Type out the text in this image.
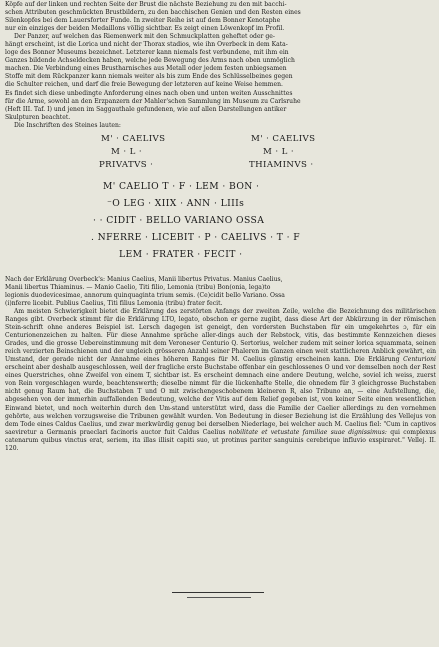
Köpfe auf der linken und rechten Seite der Brust die nächste Beziehung zu den mit bacchi-

schen Attributen geschmückten Brustbildern, zu den bacchischen Genien und den Resten eines

Silenkopfes bei dem Lauersforter Funde. In zweiter Reihe ist auf dem Bonner Kenotaphe

nur ein einziges der beiden Medaillons völlig sichtbar. Es zeigt einen Löwenkopf im Profil.

Der Panzer, auf welchen das Riemenwerk mit den Schmuckplatten geheftet oder ge-

hängt erscheint, ist die Lorica und nicht der Thorax stadios, wie ihn Overbeck in dem Kata-

loge des Bonner Museums bezeichnet. Letzterer kann niemals fest verbundene, mit ihm ein

Ganzes bildende Achseldecken haben, welche jede Bewegung des Arms nach oben unmöglich

machen. Die Verbindung eines Brustharnisches aus Metall oder jedem festen unbiegsamen

Stoffe mit dem Rückpanzer kann niemals weiter als bis zum Ende des Schlüsselbeines gegen

die Schulter reichen, und darf die freie Bewegung der letzteren auf keine Weise hemmen.

Es findet sich diese unbedingte Anforderung eines nach oben und unten weiten Ausschnittes

für die Arme, sowohl an den Erzpanzern der Mahler'schen Sammlung im Museum zu Carlsruhe

(Heft III. Taf. I) und jenen im Saggauthale gefundenen, wie auf allen Darstellungen antiker

Skulpturen beachtet.

Die Inschriften des Steines lauten:

M' · CAELIVS
M · L ·
PRIVATVS ·
M' · CAELIVS
M · L ·
THIAMINVS ·
M' CAELIO T · F · LEM · BON ·
⁻O LEG · XIIX · ANN · LIIIs
· · CIDIT · BELLO VARIANO OSSA
. NFERRE · LICEBIT · P · CAELIVS · T · F
LEM · FRATER · FECIT ·

Nach der Erklärung Overbeck's: Manius Caelius, Manii libertus Privatus. Manius Caelius,

Manii libertus Thiaminus. — Manio Caelio, Titi filio, Lemonia (tribu) Bon(onia, lega)to

legionis duodevicesimae, annorum quinquaginta trium semis. (Ce)cidit bello Variano. Ossa

(i)nferre licebit. Publius Caelius, Titi filius Lemonia (tribu) frater fecit.

Am meisten Schwierigkeit bietet die Erklärung des zerstörten Anfangs der zweiten Zeile, welche die Bezeichnung des militärischen Ranges gibt. Overbeck stimmt für die Erklärung LTO, legato, obschon er gerne zugibt, dass diese Art der Abkürzung in der römischen Stein-schrift ohne anderes Beispiel ist. Lersch dagegen ist geneigt, den vordersten Buchstaben für ein umgekehrtes ɔ, für ein Centurionenzeichen zu halten. Für diese Annahme spräche aller-dings auch der Rebstock, vitis, das bestimmte Kennzeichen dieses Grades, und die grosse Uebereinstimmung mit dem Veroneser Centurio Q. Sertorius, welcher zudem mit seiner lorica squammata, seinen reich verzierten Beinschienen und der ungleich grösseren Anzahl seiner Phaleren im Ganzen einen weit stattlicheren Anblick gewährt, ein Umstand, der gerade nicht der Annahme eines höheren Ranges für M. Caelius günstig erscheinen kann. Die Erklärung Centurioni erscheint aber deshalb ausgeschlossen, weil der fragliche erste Buchstabe offenbar ein geschlossenes O und vor demselben noch der Rest eines Querstriches, ohne Zweifel von einem T, sichtbar ist. Es erscheint demnach eine andere Deutung, welche, soviel ich weiss, zuerst von Rein vorgeschlagen wurde, beachtenswerth; dieselbe nimmt für die lückenhafte Stelle, die ohnedem für 3 gleichgrosse Buchstaben nicht genug Raum hat, die Buchstaben T und O mit zwischengeschobenem kleineren R, also Tribuno an, — eine Aufstellung, die, abgesehen von der immerhin auffallenden Bedeutung, welche der Vitis auf dem Relief gegeben ist, von keiner Seite einen wesentlichen Einwand bietet, und noch weiterhin durch den Um-stand unterstützt wird, dass die Familie der Caelier allerdings zu den vornehmen gehörte, aus welchen vorzugsweise die Tribunen gewählt wurden. Von Bedeutung in dieser Beziehung ist die Erzählung des Vellejus von dem Tode eines Caldus Caelius, und zwar merkwürdig genug bei derselben Niederlage, bei welcher auch M. Caelius fiel: "Cum in captivos saeviretur a Germanis praeclari facinoris auctor fuit Caldus Caelius nobilitate et vetustate familiae suae dignissimus: qui complexus catenarum quibus vinctus erat, seriem, ita illas illisit capiti suo, ut protinus pariter sanguinis cerebrique influvio exspiraret." Vellej. II. 120.
